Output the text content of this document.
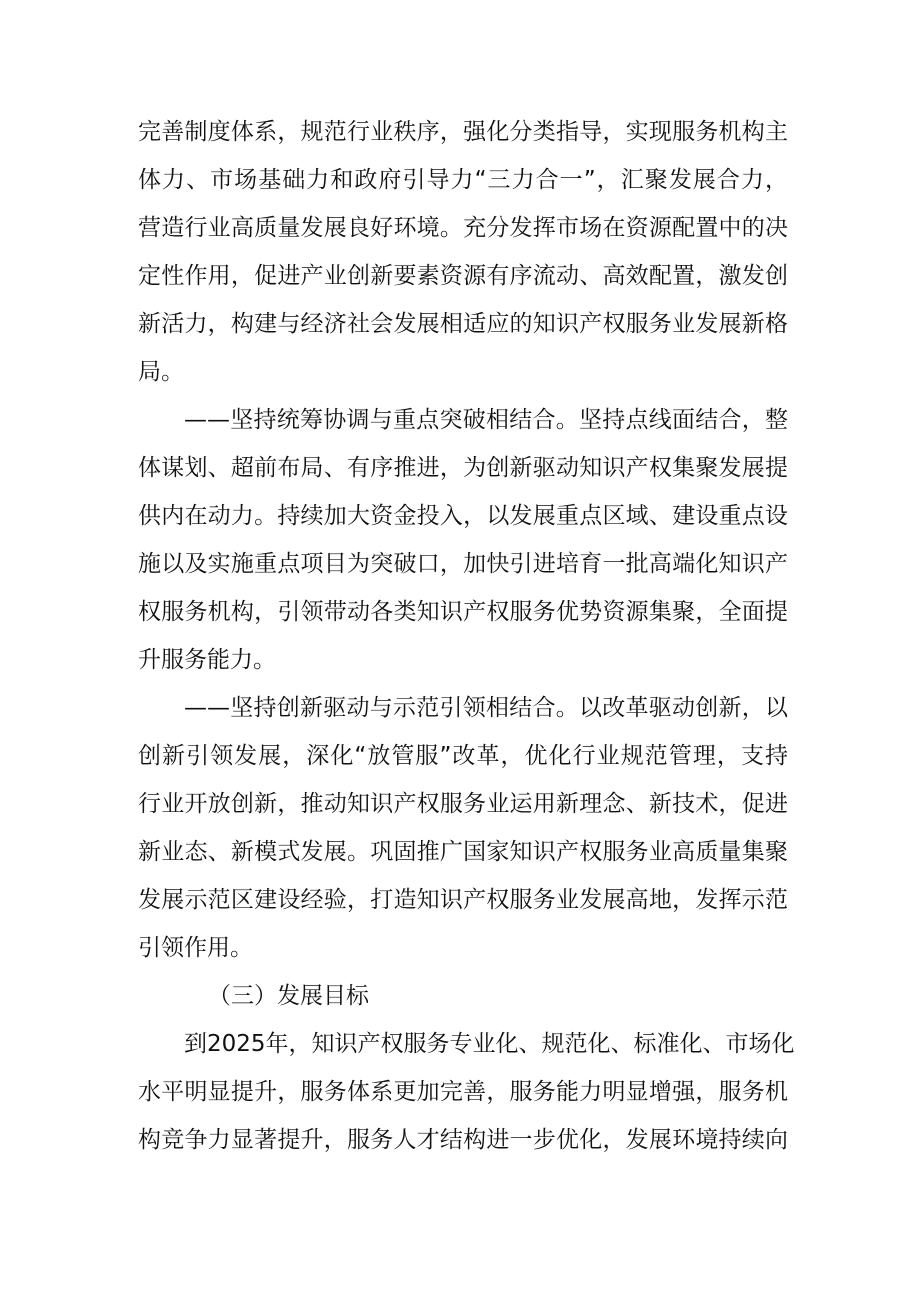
完善制度体系，规范行业秩序，强化分类指导，实现服务机构主
体力、市场基础力和政府引导力“三力合一”，汇聚发展合力，
营造行业高质量发展良好环境。充分发挥市场在资源配置中的决
定性作用，促进产业创新要素资源有序流动、高效配置，激发创
新活力，构建与经济社会发展相适应的知识产权服务业发展新格
局。
——坚持统筹协调与重点突破相结合。坚持点线面结合，整
体谋划、超前布局、有序推进，为创新驱动知识产权集聚发展提
供内在动力。持续加大资金投入，以发展重点区域、建设重点设
施以及实施重点项目为突破口，加快引进培育一批高端化知识产
权服务机构，引领带动各类知识产权服务优势资源集聚，全面提
升服务能力。
——坚持创新驱动与示范引领相结合。以改革驱动创新，以
创新引领发展，深化“放管服”改革，优化行业规范管理，支持
行业开放创新，推动知识产权服务业运用新理念、新技术，促进
新业态、新模式发展。巩固推广国家知识产权服务业高质量集聚
发展示范区建设经验，打造知识产权服务业发展高地，发挥示范
引领作用。
（三）发展目标
到2025年，知识产权服务专业化、规范化、标准化、市场化
水平明显提升，服务体系更加完善，服务能力明显增强，服务机
构竞争力显著提升，服务人才结构进一步优化，发展环境持续向
